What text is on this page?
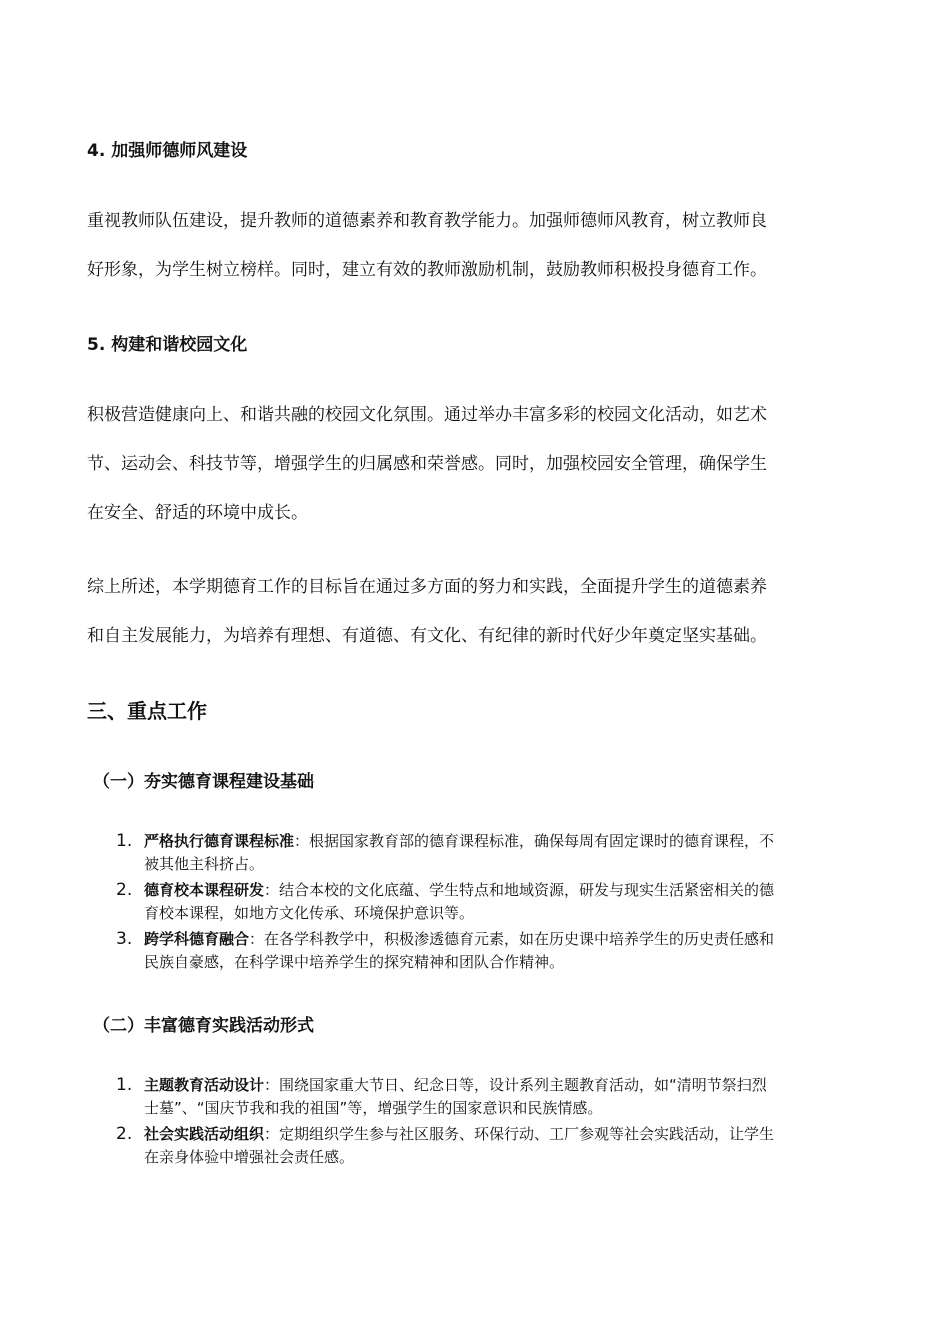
4. 加强师德师风建设
重视教师队伍建设，提升教师的道德素养和教育教学能力。加强师德师风教育，树立教师良
好形象，为学生树立榜样。同时，建立有效的教师激励机制，鼓励教师积极投身德育工作。
5. 构建和谐校园文化
积极营造健康向上、和谐共融的校园文化氛围。通过举办丰富多彩的校园文化活动，如艺术
节、运动会、科技节等，增强学生的归属感和荣誉感。同时，加强校园安全管理，确保学生
在安全、舒适的环境中成长。
综上所述，本学期德育工作的目标旨在通过多方面的努力和实践，全面提升学生的道德素养
和自主发展能力，为培养有理想、有道德、有文化、有纪律的新时代好少年奠定坚实基础。
三、重点工作
（一）夯实德育课程建设基础
1. 严格执行德育课程标准：根据国家教育部的德育课程标准，确保每周有固定课时的德育课程，不
被其他主科挤占。
2. 德育校本课程研发：结合本校的文化底蕴、学生特点和地域资源，研发与现实生活紧密相关的德
育校本课程，如地方文化传承、环境保护意识等。
3. 跨学科德育融合：在各学科教学中，积极渗透德育元素，如在历史课中培养学生的历史责任感和
民族自豪感，在科学课中培养学生的探究精神和团队合作精神。
（二）丰富德育实践活动形式
1. 主题教育活动设计：围绕国家重大节日、纪念日等，设计系列主题教育活动，如“清明节祭扫烈
士墓”、“国庆节我和我的祖国”等，增强学生的国家意识和民族情感。
2. 社会实践活动组织：定期组织学生参与社区服务、环保行动、工厂参观等社会实践活动，让学生
在亲身体验中增强社会责任感。
